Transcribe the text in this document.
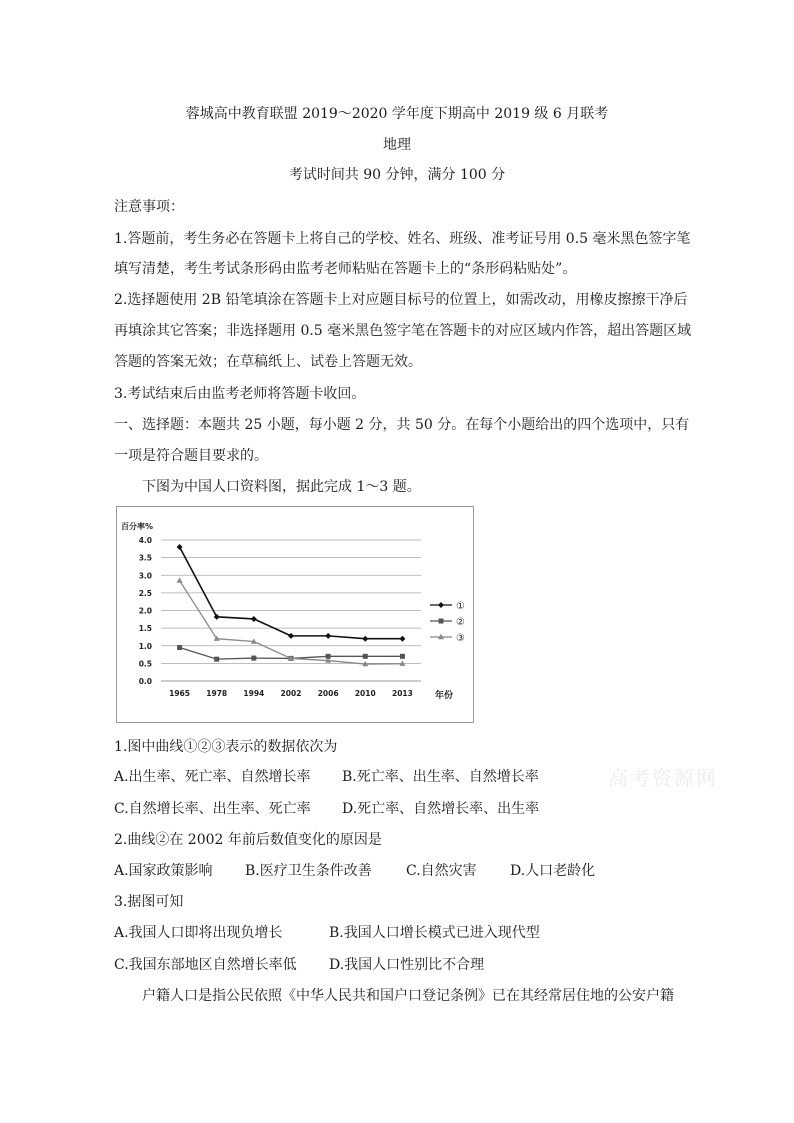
蓉城高中教育联盟 2019～2020 学年度下期高中 2019 级 6 月联考
地理
考试时间共 90 分钟，满分 100 分
注意事项：
1.答题前，考生务必在答题卡上将自己的学校、姓名、班级、准考证号用 0.5 毫米黑色签字笔
填写清楚，考生考试条形码由监考老师粘贴在答题卡上的“条形码粘贴处”。
2.选择题使用 2B 铅笔填涂在答题卡上对应题目标号的位置上，如需改动，用橡皮擦擦干净后
再填涂其它答案；非选择题用 0.5 毫米黑色签字笔在答题卡的对应区域内作答，超出答题区域
答题的答案无效；在草稿纸上、试卷上答题无效。
3.考试结束后由监考老师将答题卡收回。
一、选择题：本题共 25 小题，每小题 2 分，共 50 分。在每个小题给出的四个选项中，只有
一项是符合题目要求的。
下图为中国人口资料图，据此完成 1～3 题。
0.0
0.5
1.0
1.5
2.0
2.5
3.0
3.5
4.0
百分率%
1965 1978 1994 2002 2006 2010 2013 年份
①
②
③
1.图中曲线①②③表示的数据依次为
A.出生率、死亡率、自然增长率 B.死亡率、出生率、自然增长率
C.自然增长率、出生率、死亡率 D.死亡率、自然增长率、出生率
2.曲线②在 2002 年前后数值变化的原因是
A.国家政策影响 B.医疗卫生条件改善 C.自然灾害 D.人口老龄化
3.据图可知
A.我国人口即将出现负增长	B.我国人口增长模式已进入现代型
C.我国东部地区自然增长率低 D.我国人口性别比不合理
户籍人口是指公民依照《中华人民共和国户口登记条例》已在其经常居住地的公安户籍
高考资源网
